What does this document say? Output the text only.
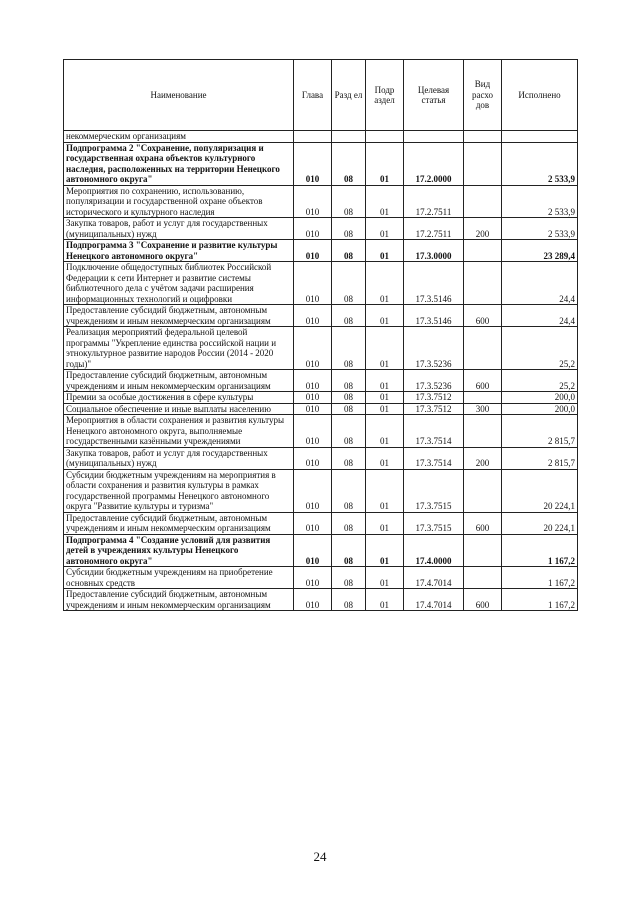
Наименование	Глава	Разд ел	Подр аздел	Целевая статья	Вид расхо дов	Исполнено
некоммерческим организациям						
Подпрограмма 2 "Сохранение, популяризация и государственная охрана объектов культурного наследия, расположенных на территории Ненецкого автономного округа"	010	08	01	17.2.0000		2 533,9
Мероприятия по сохранению, использованию, популяризации и государственной охране объектов исторического и культурного наследия	010	08	01	17.2.7511		2 533,9
Закупка товаров, работ и услуг для государственных (муниципальных) нужд	010	08	01	17.2.7511	200	2 533,9
Подпрограмма 3 "Сохранение и развитие культуры Ненецкого автономного округа"	010	08	01	17.3.0000		23 289,4
Подключение общедоступных библиотек Российской Федерации к сети Интернет и развитие системы библиотечного дела с учётом задачи расширения информационных технологий и оцифровки	010	08	01	17.3.5146		24,4
Предоставление субсидий бюджетным, автономным учреждениям и иным некоммерческим организациям	010	08	01	17.3.5146	600	24,4
Реализация мероприятий федеральной целевой программы "Укрепление единства российской нации и этнокультурное развитие народов России (2014 - 2020 годы)"	010	08	01	17.3.5236		25,2
Предоставление субсидий бюджетным, автономным учреждениям и иным некоммерческим организациям	010	08	01	17.3.5236	600	25,2
Премии за особые достижения в сфере культуры	010	08	01	17.3.7512		200,0
Социальное обеспечение и иные выплаты населению	010	08	01	17.3.7512	300	200,0
Мероприятия в области сохранения и развития культуры Ненецкого автономного округа, выполняемые государственными казёнными учреждениями	010	08	01	17.3.7514		2 815,7
Закупка товаров, работ и услуг для государственных (муниципальных) нужд	010	08	01	17.3.7514	200	2 815,7
Субсидии бюджетным учреждениям на мероприятия в области сохранения и развития культуры в рамках государственной программы Ненецкого автономного округа "Развитие культуры и туризма"	010	08	01	17.3.7515		20 224,1
Предоставление субсидий бюджетным, автономным учреждениям и иным некоммерческим организациям	010	08	01	17.3.7515	600	20 224,1
Подпрограмма 4 "Создание условий для развития детей в учреждениях культуры Ненецкого автономного округа"	010	08	01	17.4.0000		1 167,2
Субсидии бюджетным учреждениям на приобретение основных средств	010	08	01	17.4.7014		1 167,2
Предоставление субсидий бюджетным, автономным учреждениям и иным некоммерческим организациям	010	08	01	17.4.7014	600	1 167,2
24
